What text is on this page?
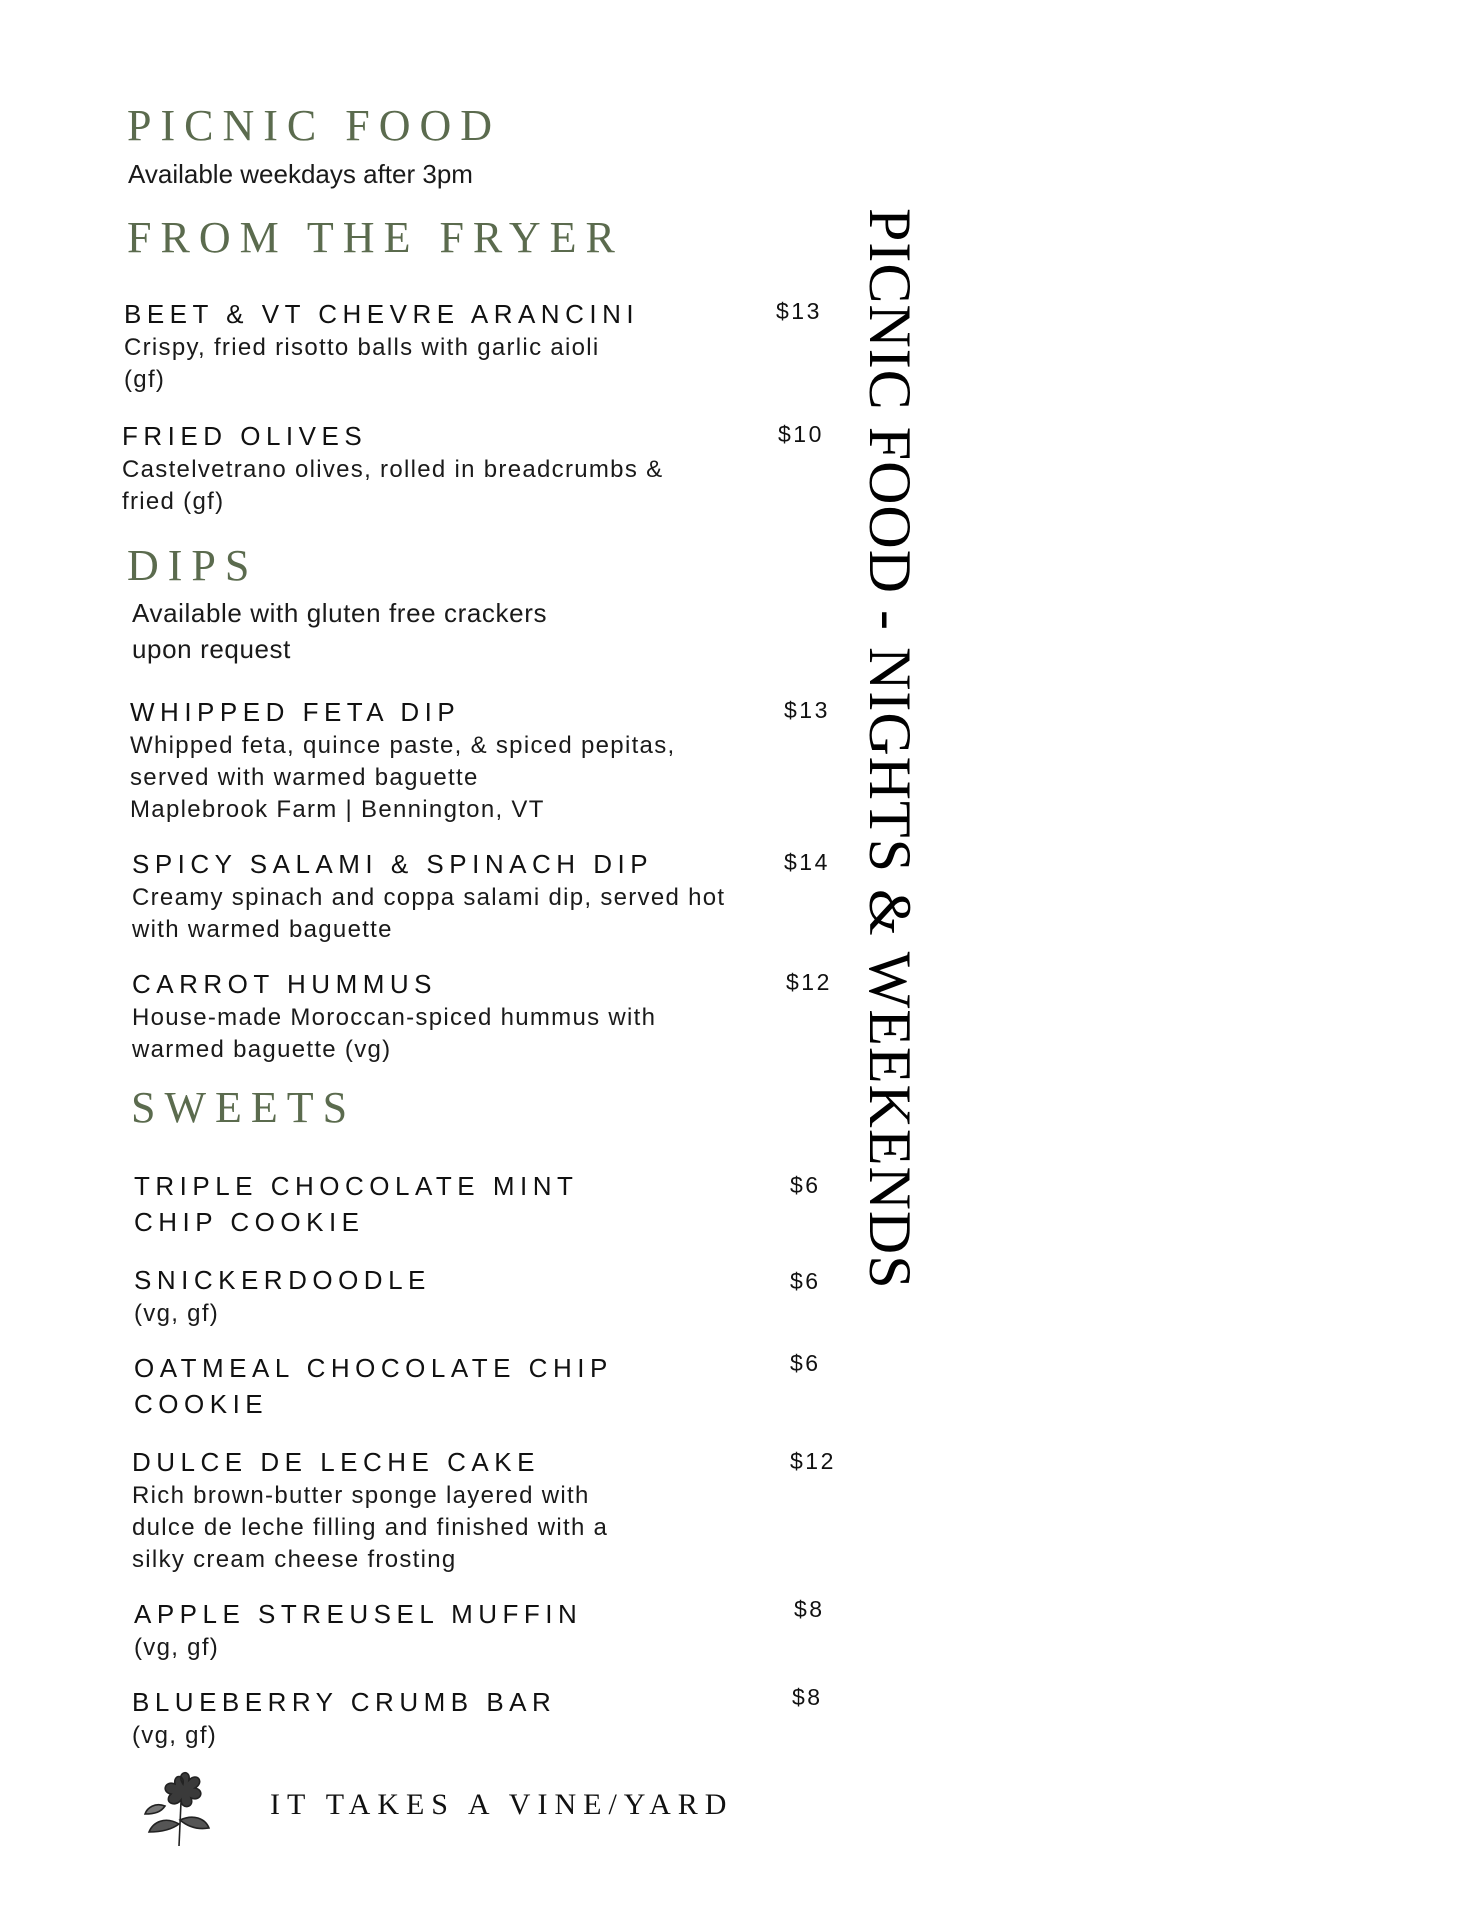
PICNIC FOOD
Available weekdays after 3pm
FROM THE FRYER
BEET & VT CHEVRE ARANCINI
Crispy, fried risotto balls with garlic aioli
(gf)
$13
FRIED OLIVES
Castelvetrano olives, rolled in breadcrumbs &
fried (gf)
$10
DIPS
Available with gluten free crackers
upon request
WHIPPED FETA DIP
Whipped feta, quince paste, & spiced pepitas,
served with warmed baguette
Maplebrook Farm | Bennington, VT
$13
SPICY SALAMI & SPINACH DIP
Creamy spinach and coppa salami dip, served hot
with warmed baguette
$14
CARROT HUMMUS
House-made Moroccan-spiced hummus with
warmed baguette (vg)
$12
SWEETS
TRIPLE CHOCOLATE MINT
CHIP COOKIE
$6
SNICKERDOODLE
(vg, gf)
$6
OATMEAL CHOCOLATE CHIP
COOKIE
$6
DULCE DE LECHE CAKE
Rich brown-butter sponge layered with
dulce de leche filling and finished with a
silky cream cheese frosting
$12
APPLE STREUSEL MUFFIN
(vg, gf)
$8
BLUEBERRY CRUMB BAR
(vg, gf)
$8
PICNIC FOOD - NIGHTS & WEEKENDS
IT TAKES A VINE/YARD
